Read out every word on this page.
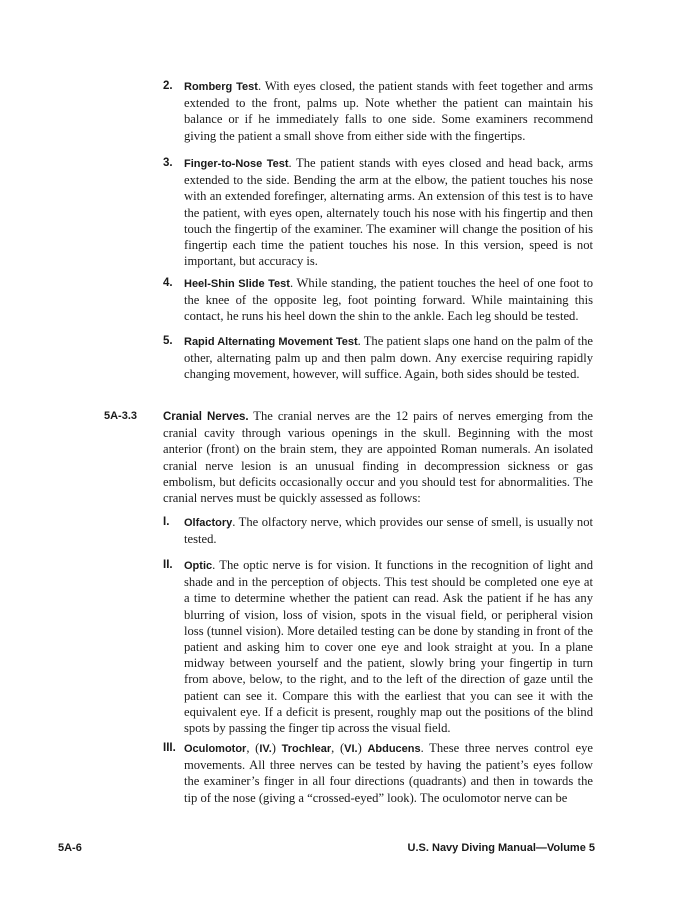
2. Romberg Test. With eyes closed, the patient stands with feet together and arms extended to the front, palms up. Note whether the patient can maintain his balance or if he immediately falls to one side. Some examiners recommend giving the patient a small shove from either side with the fingertips.

3. Finger-to-Nose Test. The patient stands with eyes closed and head back, arms extended to the side. Bending the arm at the elbow, the patient touches his nose with an extended forefinger, alternating arms. An extension of this test is to have the patient, with eyes open, alternately touch his nose with his fingertip and then touch the fingertip of the examiner. The examiner will change the position of his fingertip each time the patient touches his nose. In this version, speed is not important, but accuracy is.

4. Heel-Shin Slide Test. While standing, the patient touches the heel of one foot to the knee of the opposite leg, foot pointing forward. While maintaining this contact, he runs his heel down the shin to the ankle. Each leg should be tested.

5. Rapid Alternating Movement Test. The patient slaps one hand on the palm of the other, alternating palm up and then palm down. Any exercise requiring rapidly changing movement, however, will suffice. Again, both sides should be tested.

5A-3.3 Cranial Nerves. The cranial nerves are the 12 pairs of nerves emerging from the cranial cavity through various openings in the skull. Beginning with the most anterior (front) on the brain stem, they are appointed Roman numerals. An isolated cranial nerve lesion is an unusual finding in decompression sickness or gas embolism, but deficits occasionally occur and you should test for abnormalities. The cranial nerves must be quickly assessed as follows:

I. Olfactory. The olfactory nerve, which provides our sense of smell, is usually not tested.

II. Optic. The optic nerve is for vision. It functions in the recognition of light and shade and in the perception of objects. This test should be completed one eye at a time to determine whether the patient can read. Ask the patient if he has any blurring of vision, loss of vision, spots in the visual field, or peripheral vision loss (tunnel vision). More detailed testing can be done by standing in front of the patient and asking him to cover one eye and look straight at you. In a plane midway between yourself and the patient, slowly bring your fingertip in turn from above, below, to the right, and to the left of the direction of gaze until the patient can see it. Compare this with the earliest that you can see it with the equivalent eye. If a deficit is present, roughly map out the positions of the blind spots by passing the finger tip across the visual field.

III. Oculomotor, (IV.) Trochlear, (VI.) Abducens. These three nerves control eye movements. All three nerves can be tested by having the patient’s eyes follow the examiner’s finger in all four directions (quadrants) and then in towards the tip of the nose (giving a “crossed-eyed” look). The oculomotor nerve can be

5A-6	U.S. Navy Diving Manual—Volume 5
